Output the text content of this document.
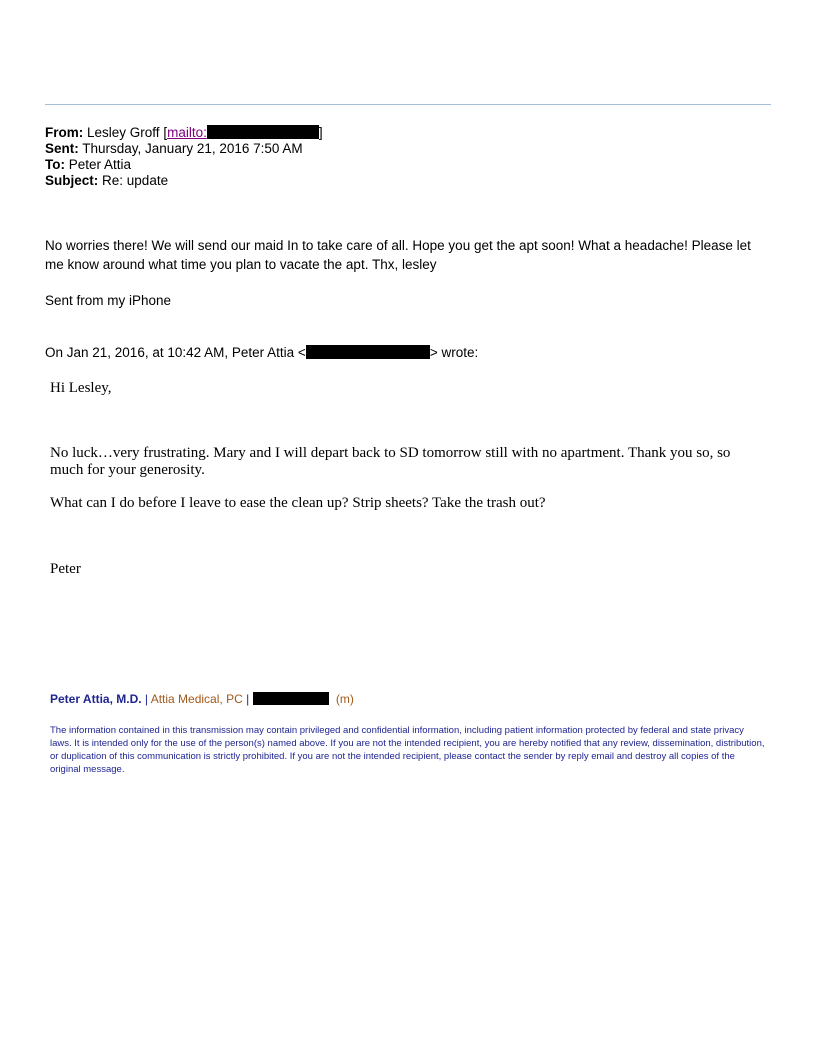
From: Lesley Groff [mailto:	]
Sent: Thursday, January 21, 2016 7:50 AM
To: Peter Attia
Subject: Re: update
No worries there! We will send our maid In to take care of all. Hope you get the apt soon! What a headache! Please let me know around what time you plan to vacate the apt. Thx, lesley
Sent from my iPhone
On Jan 21, 2016, at 10:42 AM, Peter Attia <	> wrote:
Hi Lesley,
No luck…very frustrating. Mary and I will depart back to SD tomorrow still with no apartment. Thank you so, so much for your generosity.
What can I do before I leave to ease the clean up? Strip sheets? Take the trash out?
Peter
Peter Attia, M.D. | Attia Medical, PC |	(m)
The information contained in this transmission may contain privileged and confidential information, including patient information protected by federal and state privacy laws. It is intended only for the use of the person(s) named above. If you are not the intended recipient, you are hereby notified that any review, dissemination, distribution, or duplication of this communication is strictly prohibited. If you are not the intended recipient, please contact the sender by reply email and destroy all copies of the original message.
